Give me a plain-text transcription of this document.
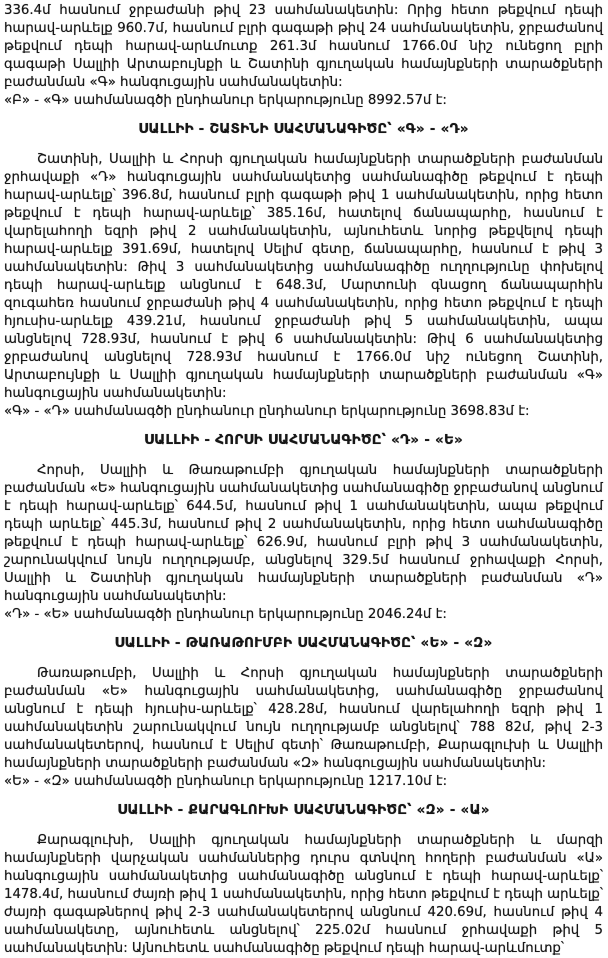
336.4մ հասնում ջրբաժանի թիվ 23 սահմանակետին: Որից հետո թեքվում դեպի հարավ-արևելք 960.7մ, հասնում բլրի գագաթի թիվ 24 սահմանակետին, ջրբաժանով թեքվում դեպի հարավ-արևմուտք 261.3մ հասնում 1766.0մ նիշ ունեցող բլրի գագաթի Սալլիի Արտաբույնքի և Շատինի գյուղական համայնքների տարածքների բաժանման «Գ» հանգուցային սահմանակետին:

«Բ» - «Գ» սահմանագծի ընդհանուր երկարությունը 8992.57մ է:

ՍԱԼԼԻԻ - ՇԱՏԻՆԻ ՍԱՀՄԱՆԱԳԻԾԸ՝ «Գ» - «Դ»

Շատինի, Սալլիի և Հորսի գյուղական համայնքների տարածքների բաժանման ջրհավաքի «Դ» հանգուցային սահմանակետից սահմանագիծը թեքվում է դեպի հարավ-արևելք՝ 396.8մ, հասնում բլրի գագաթի թիվ 1 սահմանակետին, որից հետո թեքվում է դեպի հարավ-արևելք՝ 385.16մ, հատելով ճանապարհը, հասնում է վարելահողի եզրի թիվ 2 սահմանակետին, այնուհետև նորից թեքվելով դեպի հարավ-արևելք 391.69մ, հատելով Սելիմ գետը, ճանապարհը, հասնում է թիվ 3 սահմանակետին: Թիվ 3 սահմանակետից սահմանագիծը ուղղությունը փոխելով դեպի հարավ-արևելք անցնում է 648.3մ, Մարտունի գնացող ճանապարհին զուգահեռ հասնում ջրբաժանի թիվ 4 սահմանակետին, որից հետո թեքվում է դեպի հյուսիս-արևելք 439.21մ, հասնում ջրբաժանի թիվ 5 սահմանակետին, ապա անցնելով 728.93մ, հասնում է թիվ 6 սահմանակետին: Թիվ 6 սահմանակետից ջրբաժանով անցնելով 728.93մ հասնում է 1766.0մ նիշ ունեցող Շատինի, Արտաբույնքի և Սալլիի գյուղական համայնքների տարածքների բաժանման «Գ» հանգուցային սահմանակետին:

«Գ» - «Դ» սահմանագծի ընդհանուր ընդհանուր երկարությունը 3698.83մ է:

ՍԱԼԼԻԻ - ՀՈՐՍԻ ՍԱՀՄԱՆԱԳԻԾԸ՝ «Դ» - «Ե»

Հորսի, Սալլիի և Թառաթումբի գյուղական համայնքների տարածքների բաժանման «Ե» հանգուցային սահմանակետից սահմանագիծը ջրբաժանով անցնում է դեպի հարավ-արևելք՝ 644.5մ, հասնում թիվ 1 սահմանակետին, ապա թեքվում դեպի արևելք՝ 445.3մ, հասնում թիվ 2 սահմանակետին, որից հետո սահմանագիծը թեքվում է դեպի հարավ-արևելք՝ 626.9մ, հասնում բլրի թիվ 3 սահմանակետին, շարունակվում նույն ուղղությամբ, անցնելով 329.5մ հասնում ջրհավաքի Հորսի, Սալլիի և Շատինի գյուղական համայնքների տարածքների բաժանման «Դ» հանգուցային սահմանակետին:

«Դ» - «Ե» սահմանագծի ընդհանուր երկարությունը 2046.24մ է:

ՍԱԼԼԻԻ - ԹԱՌԱԹՈՒՄԲԻ ՍԱՀՄԱՆԱԳԻԾԸ՝ «Ե» - «Զ»

Թառաթումբի, Սալլիի և Հորսի գյուղական համայնքների տարածքների բաժանման «Ե» հանգուցային սահմանակետից, սահմանագիծը ջրբաժանով անցնում է դեպի հյուսիս-արևելք՝ 428.28մ, հասնում վարելահողի եզրի թիվ 1 սահմանակետին շարունակվում նույն ուղղությամբ անցնելով՝ 788 82մ, թիվ 2-3 սահմանակետերով, հասնում է Սելիմ գետի՝ Թառաթումբի, Քարագլուխի և Սալլիի համայնքների տարածքների բաժանման «Զ» հանգուցային սահմանակետին:

«Ե» - «Զ» սահմանագծի ընդհանուր երկարությունը 1217.10մ է:

ՍԱԼԼԻԻ - ՔԱՐԱԳԼՈՒԽԻ ՍԱՀՄԱՆԱԳԻԾԸ՝ «Զ» - «Ա»

Քարագլուխի, Սալլիի գյուղական համայնքների տարածքների և մարզի համայնքների վարչական սահմաններից դուրս գտնվող հողերի բաժանման «Ա» հանգուցային սահմանակետից սահմանագիծը անցնում է դեպի հարավ-արևելք՝ 1478.4մ, հասնում ժայռի թիվ 1 սահմանակետին, որից հետո թեքվում է դեպի արևելք՝ ժայռի գագաթներով թիվ 2-3 սահմանակետերով անցնում 420.69մ, հասնում թիվ 4 սահմանակետը, այնուհետև անցնելով՝ 225.02մ հասնում ջրհավաքի թիվ 5 սահմանակետին: Այնուհետև սահմանագիծը թեքվում դեպի հարավ-արևմուտք՝
